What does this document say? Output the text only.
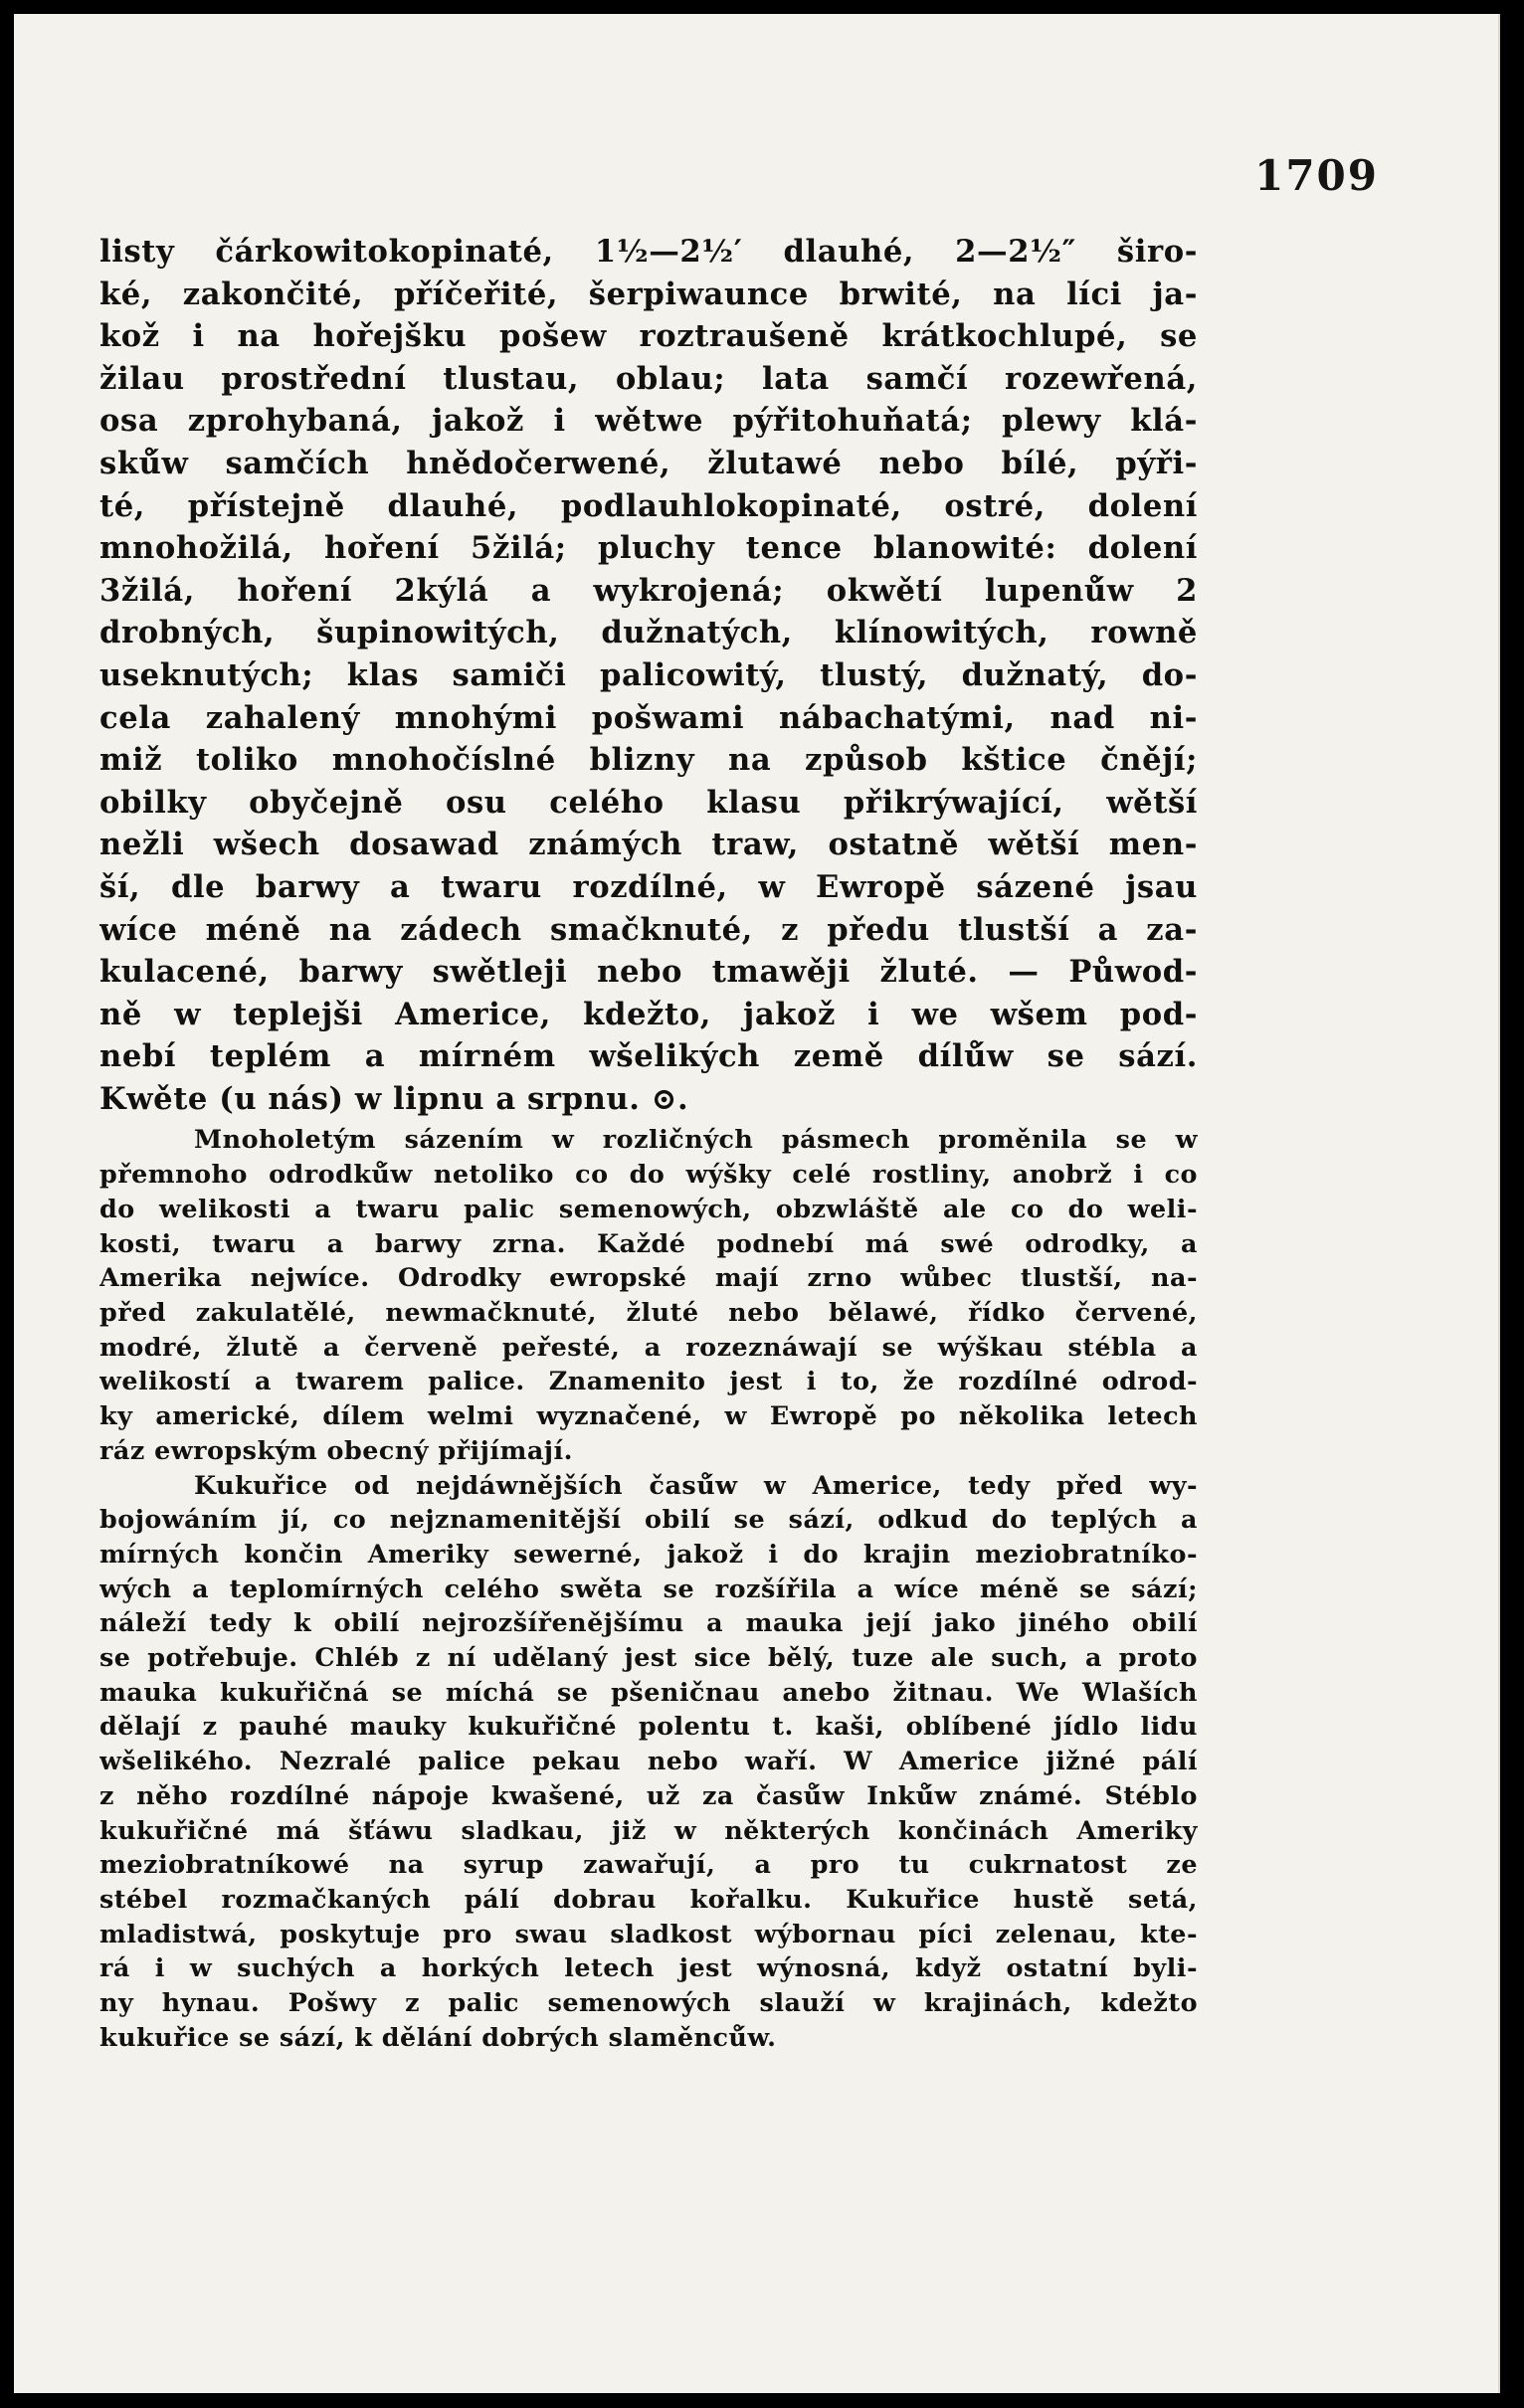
1709

listy čárkowitokopinaté, 1½—2½′ dlauhé, 2—2½″ širo-

ké, zakončité, příčeřité, šerpiwaunce brwité, na líci ja-

kož i na hořejšku pošew roztraušeně krátkochlupé, se

žilau prostřední tlustau, oblau; lata samčí rozewřená,

osa zprohybaná, jakož i wětwe pýřitohuňatá; plewy klá-

sků́w samčích hnědočerwené, žlutawé nebo bílé, pýři-

té, přístejně dlauhé, podlauhlokopinaté, ostré, dolení

mnohožilá, hoření 5žilá; pluchy tence blanowité: dolení

3žilá, hoření 2kýlá a wykrojená; okwětí lupenů́w 2

drobných, šupinowitých, dužnatých, klínowitých, rowně

useknutých; klas samiči palicowitý, tlustý, dužnatý, do-

cela zahalený mnohými pošwami nábachatými, nad ni-

miž toliko mnohočíslné blizny na způsob kštice čnějí;

obilky obyčejně osu celého klasu přikrýwající, wětší

nežli wšech dosawad známých traw, ostatně wětší men-

ší, dle barwy a twaru rozdílné, w Ewropě sázené jsau

wíce méně na zádech smačknuté, z předu tlustší a za-

kulacené, barwy swětleji nebo tmawěji žluté. — Půwod-

ně w teplejši Americe, kdežto, jakož i we wšem pod-

nebí teplém a mírném wšelikých země dílů́w se sází.

Kwěte (u nás) w lipnu a srpnu. ⊙.

Mnoholetým sázením w rozličných pásmech proměnila se w

přemnoho odrodků́w netoliko co do wýšky celé rostliny, anobrž i co

do welikosti a twaru palic semenowých, obzwláště ale co do weli-

kosti, twaru a barwy zrna. Každé podnebí má swé odrodky, a

Amerika nejwíce. Odrodky ewropské mají zrno wůbec tlustší, na-

před zakulatělé, newmačknuté, žluté nebo bělawé, řídko červené,

modré, žlutě a červeně peřesté, a rozeznáwají se wýškau stébla a

welikostí a twarem palice. Znamenito jest i to, že rozdílné odrod-

ky americké, dílem welmi wyznačené, w Ewropě po několika letech

ráz ewropským obecný přijímají.

Kukuřice od nejdáwnějších časů́w w Americe, tedy před wy-

bojowáním jí, co nejznamenitější obilí se sází, odkud do teplých a

mírných končin Ameriky sewerné, jakož i do krajin meziobratníko-

wých a teplomírných celého swěta se rozšířila a wíce méně se sází;

náleží tedy k obilí nejrozšířenějšímu a mauka její jako jiného obilí

se potřebuje. Chléb z ní udělaný jest sice bělý, tuze ale such, a proto

mauka kukuřičná se míchá se pšeničnau anebo žitnau. We Wlaších

dělají z pauhé mauky kukuřičné polentu t. kaši, oblíbené jídlo lidu

wšelikého. Nezralé palice pekau nebo waří. W Americe jižné pálí

z něho rozdílné nápoje kwašené, už za časů́w Inků́w známé. Stéblo

kukuřičné má šťáwu sladkau, již w některých končinách Ameriky

meziobratníkowé na syrup zawařují, a pro tu cukrnatost ze

stébel rozmačkaných pálí dobrau kořalku. Kukuřice hustě setá,

mladistwá, poskytuje pro swau sladkost wýbornau píci zelenau, kte-

rá i w suchých a horkých letech jest wýnosná, když ostatní byli-

ny hynau. Pošwy z palic semenowých slauží w krajinách, kdežto

kukuřice se sází, k dělání dobrých slaměnců́w.
